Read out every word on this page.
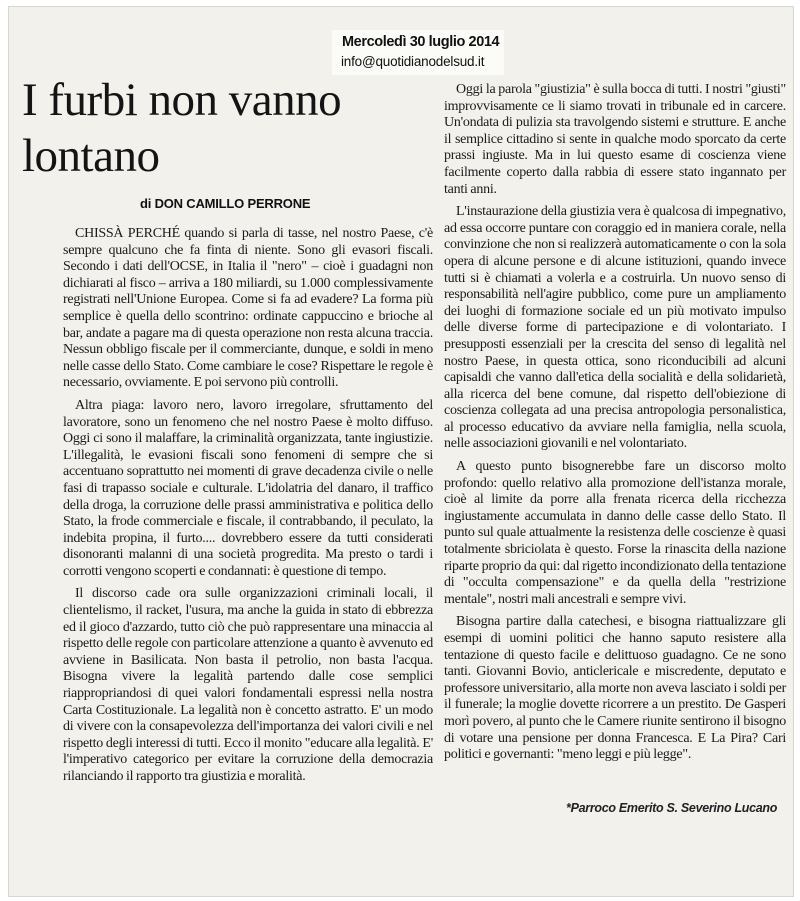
Mercoledì 30 luglio 2014
info@quotidianodelsud.it
I furbi non vanno lontano
di DON CAMILLO PERRONE

CHISSÀ PERCHÉ quando si parla di tasse, nel nostro Paese, c'è sempre qualcuno che fa finta di niente. Sono gli evasori fiscali. Secondo i dati dell'OCSE, in Italia il "nero" – cioè i guadagni non dichiarati al fisco – arriva a 180 miliardi, su 1.000 complessivamente registrati nell'Unione Europea. Come si fa ad evadere? La forma più semplice è quella dello scontrino: ordinate cappuccino e brioche al bar, andate a pagare ma di questa operazione non resta alcuna traccia. Nessun obbligo fiscale per il commerciante, dunque, e soldi in meno nelle casse dello Stato. Come cambiare le cose? Rispettare le regole è necessario, ovviamente. E poi servono più controlli.

Altra piaga: lavoro nero, lavoro irregolare, sfruttamento del lavoratore, sono un fenomeno che nel nostro Paese è molto diffuso. Oggi ci sono il malaffare, la criminalità organizzata, tante ingiustizie. L'illegalità, le evasioni fiscali sono fenomeni di sempre che si accentuano soprattutto nei momenti di grave decadenza civile o nelle fasi di trapasso sociale e culturale. L'idolatria del danaro, il traffico della droga, la corruzione delle prassi amministrativa e politica dello Stato, la frode commerciale e fiscale, il contrabbando, il peculato, la indebita propina, il furto.... dovrebbero essere da tutti considerati disonoranti malanni di una società progredita. Ma presto o tardi i corrotti vengono scoperti e condannati: è questione di tempo.

Il discorso cade ora sulle organizzazioni criminali locali, il clientelismo, il racket, l'usura, ma anche la guida in stato di ebbrezza ed il gioco d'azzardo, tutto ciò che può rappresentare una minaccia al rispetto delle regole con particolare attenzione a quanto è avvenuto ed avviene in Basilicata. Non basta il petrolio, non basta l'acqua. Bisogna vivere la legalità partendo dalle cose semplici riappropriandosi di quei valori fondamentali espressi nella nostra Carta Costituzionale. La legalità non è concetto astratto. E' un modo di vivere con la consapevolezza dell'importanza dei valori civili e nel rispetto degli interessi di tutti. Ecco il monito "educare alla legalità. E' l'imperativo categorico per evitare la corruzione della democrazia rilanciando il rapporto tra giustizia e moralità.

Oggi la parola "giustizia" è sulla bocca di tutti. I nostri "giusti" improvvisamente ce li siamo trovati in tribunale ed in carcere. Un'ondata di pulizia sta travolgendo sistemi e strutture. E anche il semplice cittadino si sente in qualche modo sporcato da certe prassi ingiuste. Ma in lui questo esame di coscienza viene facilmente coperto dalla rabbia di essere stato ingannato per tanti anni.

L'instaurazione della giustizia vera è qualcosa di impegnativo, ad essa occorre puntare con coraggio ed in maniera corale, nella convinzione che non si realizzerà automaticamente o con la sola opera di alcune persone e di alcune istituzioni, quando invece tutti si è chiamati a volerla e a costruirla. Un nuovo senso di responsabilità nell'agire pubblico, come pure un ampliamento dei luoghi di formazione sociale ed un più motivato impulso delle diverse forme di partecipazione e di volontariato. I presupposti essenziali per la crescita del senso di legalità nel nostro Paese, in questa ottica, sono riconducibili ad alcuni capisaldi che vanno dall'etica della socialità e della solidarietà, alla ricerca del bene comune, dal rispetto dell'obiezione di coscienza collegata ad una precisa antropologia personalistica, al processo educativo da avviare nella famiglia, nella scuola, nelle associazioni giovanili e nel volontariato.

A questo punto bisognerebbe fare un discorso molto profondo: quello relativo alla promozione dell'istanza morale, cioè al limite da porre alla frenata ricerca della ricchezza ingiustamente accumulata in danno delle casse dello Stato. Il punto sul quale attualmente la resistenza delle coscienze è quasi totalmente sbriciolata è questo. Forse la rinascita della nazione riparte proprio da qui: dal rigetto incondizionato della tentazione di "occulta compensazione" e da quella della "restrizione mentale", nostri mali ancestrali e sempre vivi.

Bisogna partire dalla catechesi, e bisogna riattualizzare gli esempi di uomini politici che hanno saputo resistere alla tentazione di questo facile e delittuoso guadagno. Ce ne sono tanti. Giovanni Bovio, anticlericale e miscredente, deputato e professore universitario, alla morte non aveva lasciato i soldi per il funerale; la moglie dovette ricorrere a un prestito. De Gasperi morì povero, al punto che le Camere riunite sentirono il bisogno di votare una pensione per donna Francesca. E La Pira? Cari politici e governanti: "meno leggi e più legge".

*Parroco Emerito S. Severino Lucano
